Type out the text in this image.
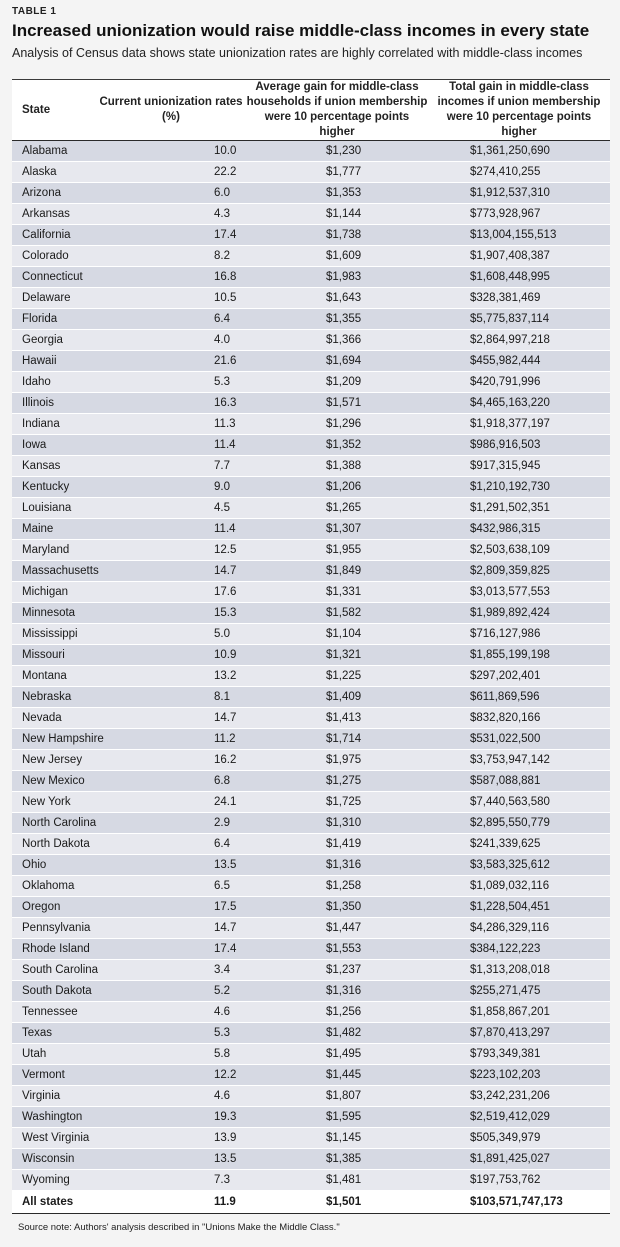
TABLE 1
Increased unionization would raise middle-class incomes in every state
Analysis of Census data shows state unionization rates are highly correlated with middle-class incomes
State	Current unionization rates (%)	Average gain for middle-class households if union membership were 10 percentage points higher	Total gain in middle-class incomes if union membership were 10 percentage points higher
Alabama	10.0	$1,230	$1,361,250,690
Alaska	22.2	$1,777	$274,410,255
Arizona	6.0	$1,353	$1,912,537,310
Arkansas	4.3	$1,144	$773,928,967
California	17.4	$1,738	$13,004,155,513
Colorado	8.2	$1,609	$1,907,408,387
Connecticut	16.8	$1,983	$1,608,448,995
Delaware	10.5	$1,643	$328,381,469
Florida	6.4	$1,355	$5,775,837,114
Georgia	4.0	$1,366	$2,864,997,218
Hawaii	21.6	$1,694	$455,982,444
Idaho	5.3	$1,209	$420,791,996
Illinois	16.3	$1,571	$4,465,163,220
Indiana	11.3	$1,296	$1,918,377,197
Iowa	11.4	$1,352	$986,916,503
Kansas	7.7	$1,388	$917,315,945
Kentucky	9.0	$1,206	$1,210,192,730
Louisiana	4.5	$1,265	$1,291,502,351
Maine	11.4	$1,307	$432,986,315
Maryland	12.5	$1,955	$2,503,638,109
Massachusetts	14.7	$1,849	$2,809,359,825
Michigan	17.6	$1,331	$3,013,577,553
Minnesota	15.3	$1,582	$1,989,892,424
Mississippi	5.0	$1,104	$716,127,986
Missouri	10.9	$1,321	$1,855,199,198
Montana	13.2	$1,225	$297,202,401
Nebraska	8.1	$1,409	$611,869,596
Nevada	14.7	$1,413	$832,820,166
New Hampshire	11.2	$1,714	$531,022,500
New Jersey	16.2	$1,975	$3,753,947,142
New Mexico	6.8	$1,275	$587,088,881
New York	24.1	$1,725	$7,440,563,580
North Carolina	2.9	$1,310	$2,895,550,779
North Dakota	6.4	$1,419	$241,339,625
Ohio	13.5	$1,316	$3,583,325,612
Oklahoma	6.5	$1,258	$1,089,032,116
Oregon	17.5	$1,350	$1,228,504,451
Pennsylvania	14.7	$1,447	$4,286,329,116
Rhode Island	17.4	$1,553	$384,122,223
South Carolina	3.4	$1,237	$1,313,208,018
South Dakota	5.2	$1,316	$255,271,475
Tennessee	4.6	$1,256	$1,858,867,201
Texas	5.3	$1,482	$7,870,413,297
Utah	5.8	$1,495	$793,349,381
Vermont	12.2	$1,445	$223,102,203
Virginia	4.6	$1,807	$3,242,231,206
Washington	19.3	$1,595	$2,519,412,029
West Virginia	13.9	$1,145	$505,349,979
Wisconsin	13.5	$1,385	$1,891,425,027
Wyoming	7.3	$1,481	$197,753,762
All states	11.9	$1,501	$103,571,747,173
Source note: Authors' analysis described in "Unions Make the Middle Class."
